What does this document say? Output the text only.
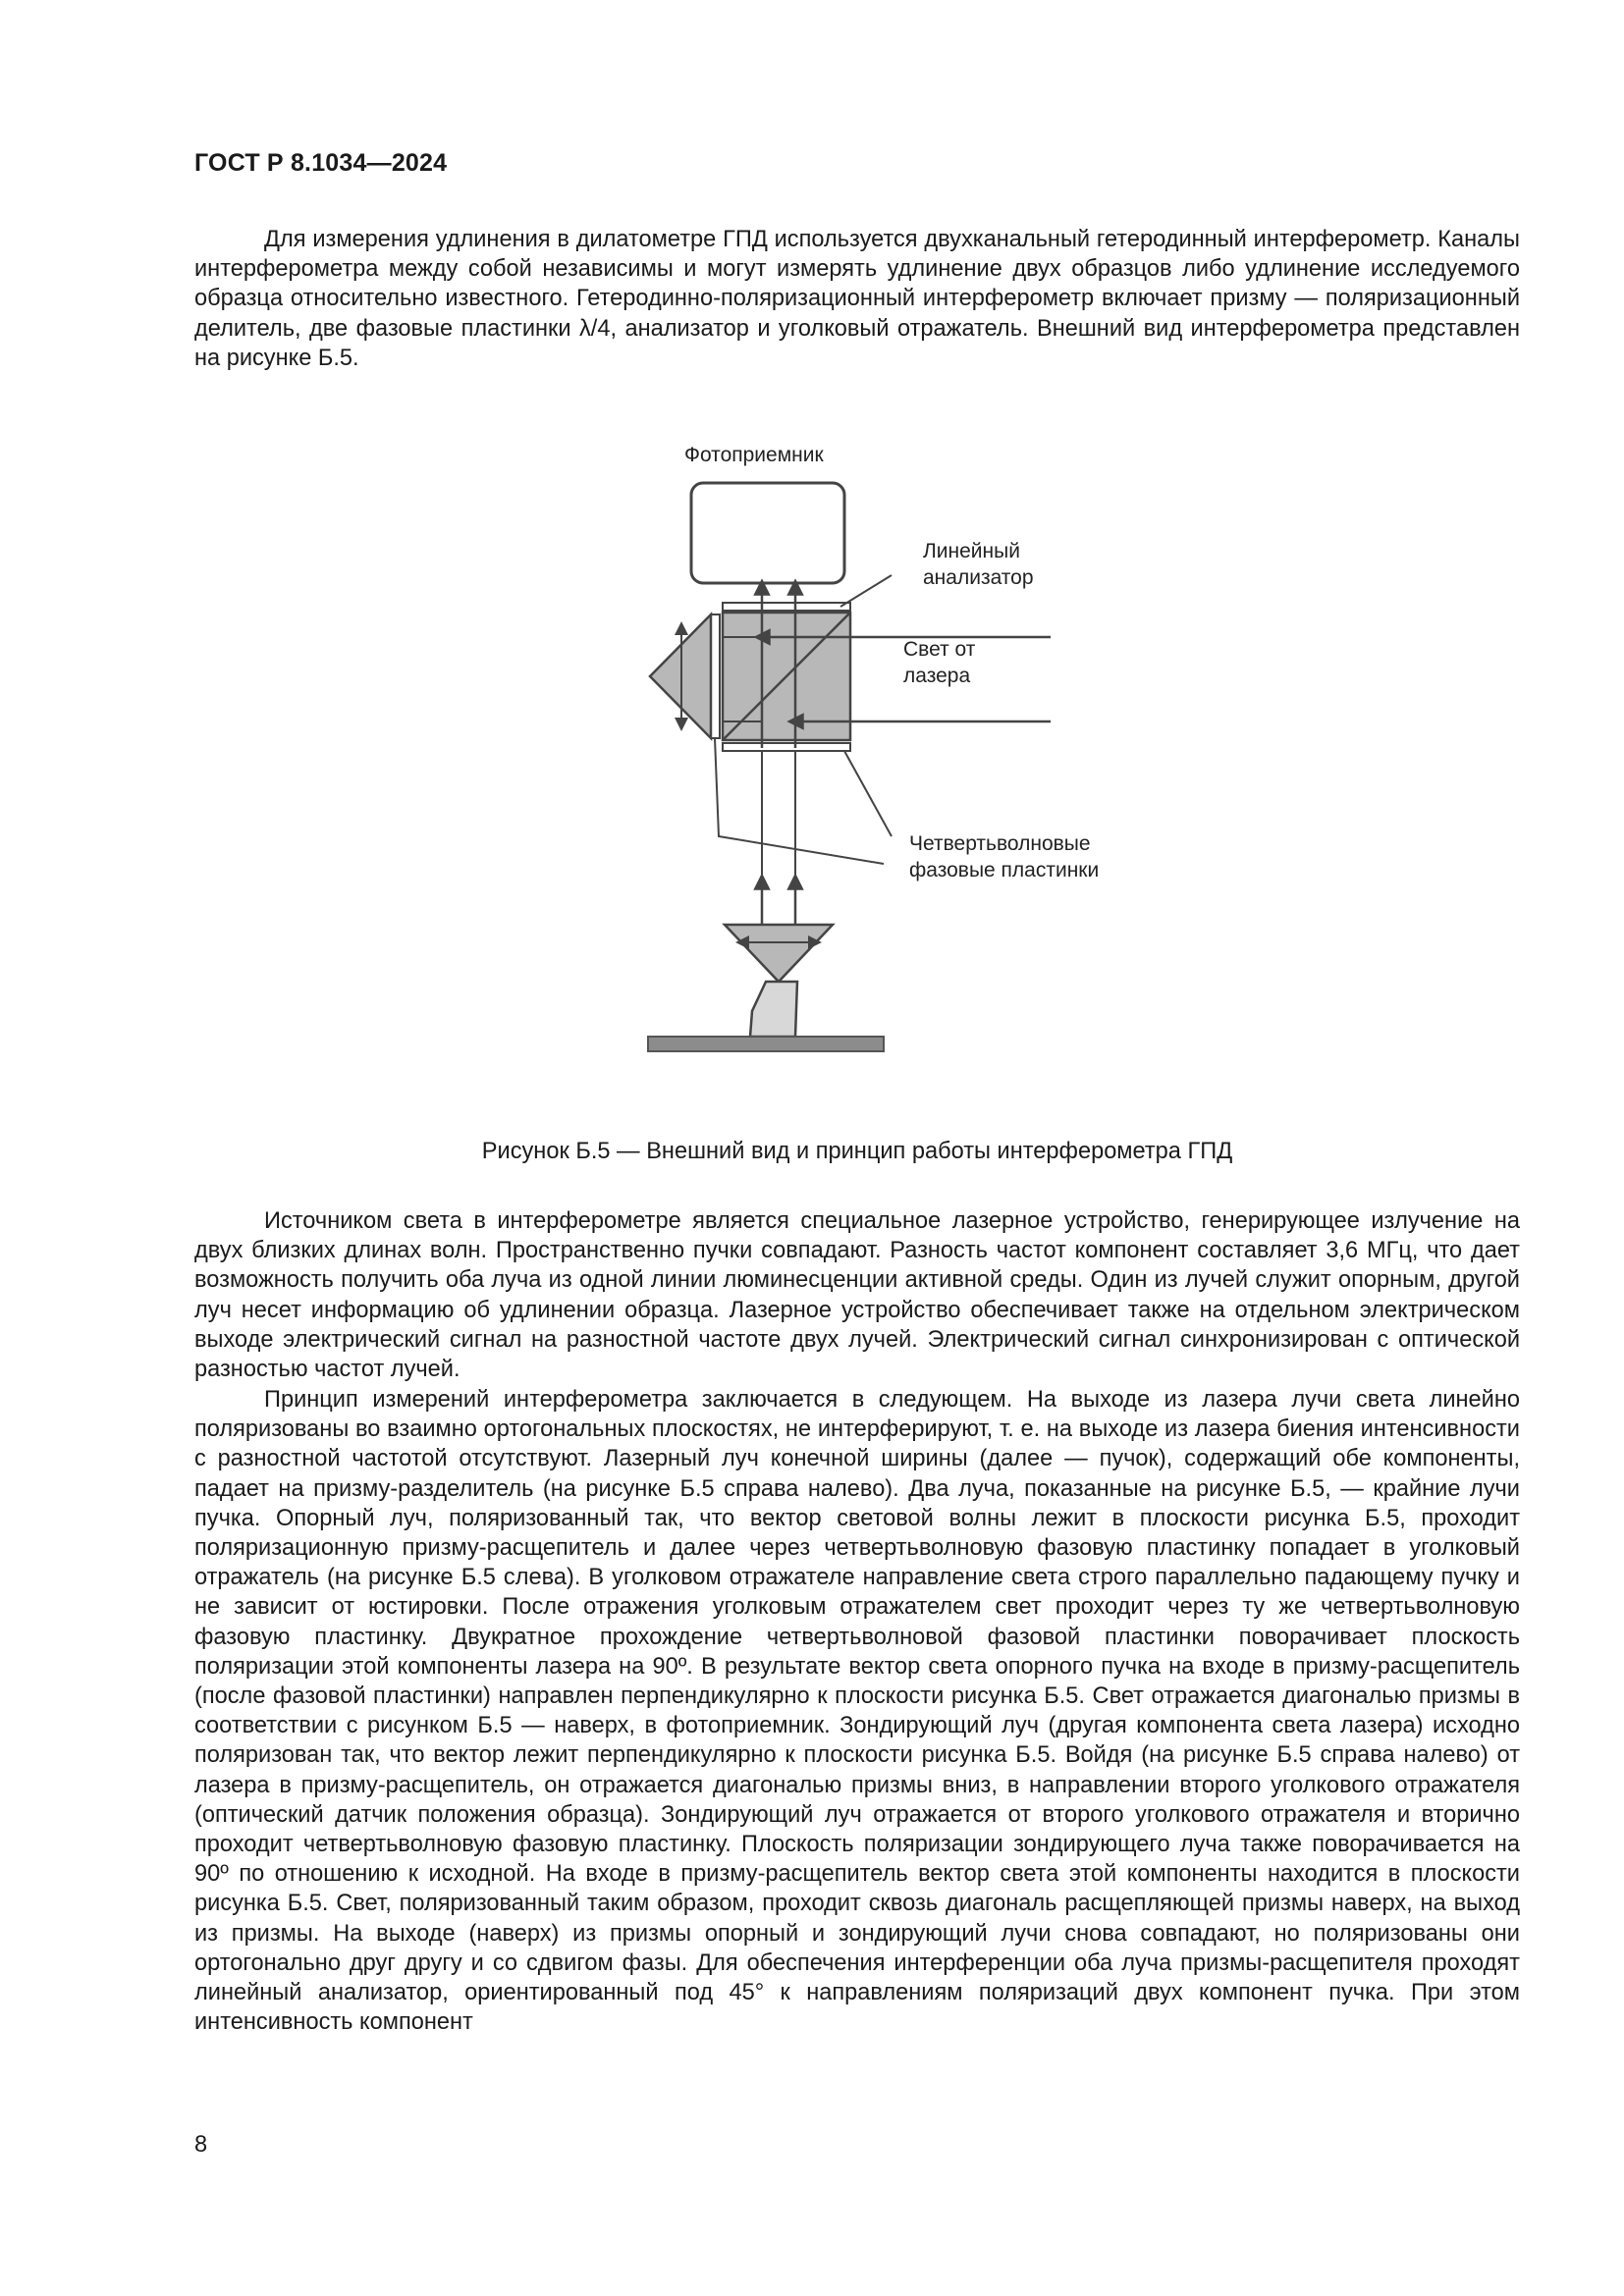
ГОСТ Р 8.1034—2024

Для измерения удлинения в дилатометре ГПД используется двухканальный гетеродинный интерферометр. Каналы интерферометра между собой независимы и могут измерять удлинение двух образцов либо удлинение исследуемого образца относительно известного. Гетеродинно-поляризационный интерферометр включает призму — поляризационный делитель, две фазовые пластинки λ/4, анализатор и уголковый отражатель. Внешний вид интерферометра представлен на рисунке Б.5.

Фотоприемник
Линейный
анализатор
Свет от
лазера
Четвертьволновые
фазовые пластинки
Рисунок Б.5 — Внешний вид и принцип работы интерферометра ГПД

Источником света в интерферометре является специальное лазерное устройство, генерирующее излучение на двух близких длинах волн. Пространственно пучки совпадают. Разность частот компонент составляет 3,6 МГц, что дает возможность получить оба луча из одной линии люминесценции активной среды. Один из лучей служит опорным, другой луч несет информацию об удлинении образца. Лазерное устройство обеспечивает также на отдельном электрическом выходе электрический сигнал на разностной частоте двух лучей. Электрический сигнал синхронизирован с оптической разностью частот лучей.

Принцип измерений интерферометра заключается в следующем. На выходе из лазера лучи света линейно поляризованы во взаимно ортогональных плоскостях, не интерферируют, т. е. на выходе из лазера биения интенсивности с разностной частотой отсутствуют. Лазерный луч конечной ширины (далее — пучок), содержащий обе компоненты, падает на призму-разделитель (на рисунке Б.5 справа налево). Два луча, показанные на рисунке Б.5, — крайние лучи пучка. Опорный луч, поляризованный так, что вектор световой волны лежит в плоскости рисунка Б.5, проходит поляризационную призму-расщепитель и далее через четвертьволновую фазовую пластинку попадает в уголковый отражатель (на рисунке Б.5 слева). В уголковом отражателе направление света строго параллельно падающему пучку и не зависит от юстировки. После отражения уголковым отражателем свет проходит через ту же четвертьволновую фазовую пластинку. Двукратное прохождение четвертьволновой фазовой пластинки поворачивает плоскость поляризации этой компоненты лазера на 90º. В результате вектор света опорного пучка на входе в призму-расщепитель (после фазовой пластинки) направлен перпендикулярно к плоскости рисунка Б.5. Свет отражается диагональю призмы в соответствии с рисунком Б.5 — наверх, в фотоприемник. Зондирующий луч (другая компонента света лазера) исходно поляризован так, что вектор лежит перпендикулярно к плоскости рисунка Б.5. Войдя (на рисунке Б.5 справа налево) от лазера в призму-расщепитель, он отражается диагональю призмы вниз, в направлении второго уголкового отражателя (оптический датчик положения образца). Зондирующий луч отражается от второго уголкового отражателя и вторично проходит четвертьволновую фазовую пластинку. Плоскость поляризации зондирующего луча также поворачивается на 90º по отношению к исходной. На входе в призму-расщепитель вектор света этой компоненты находится в плоскости рисунка Б.5. Свет, поляризованный таким образом, проходит сквозь диагональ расщепляющей призмы наверх, на выход из призмы. На выходе (наверх) из призмы опорный и зондирующий лучи снова совпадают, но поляризованы они ортогонально друг другу и со сдвигом фазы. Для обеспечения интерференции оба луча призмы-расщепителя проходят линейный анализатор, ориентированный под 45° к направлениям поляризаций двух компонент пучка. При этом интенсивность компонент

8
